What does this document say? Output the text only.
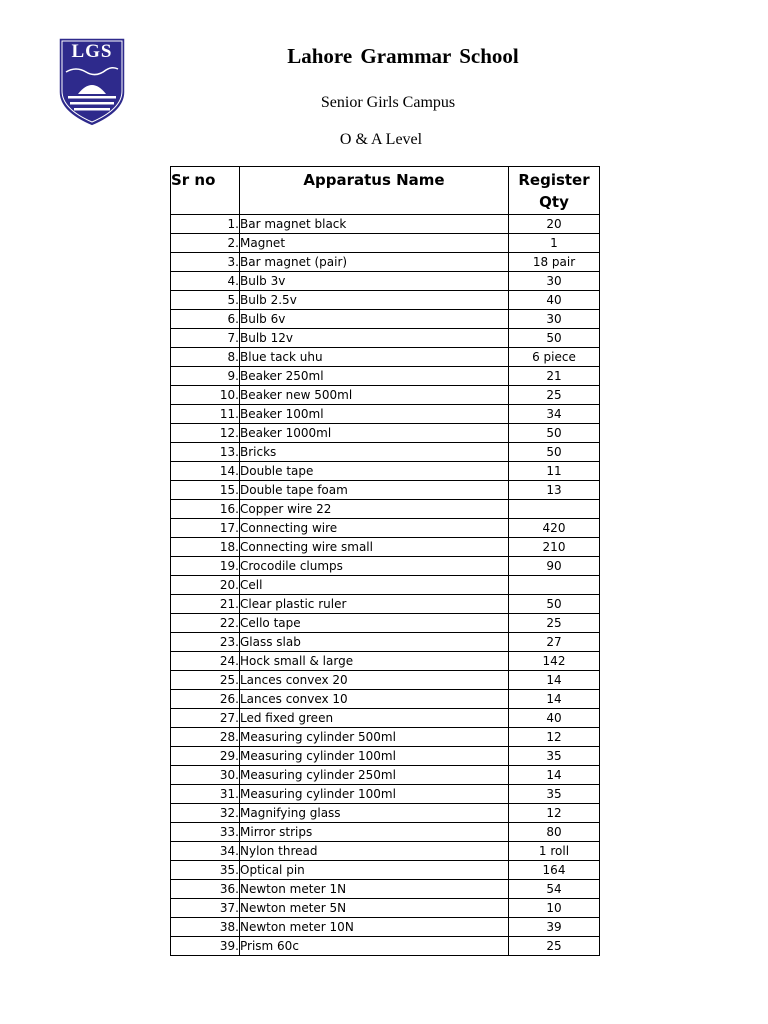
LGS	Lahore Grammar School
Senior Girls Campus
O & A Level
Sr no	Apparatus Name	Register Qty
1.	Bar magnet black	20
2.	Magnet	1
3.	Bar magnet (pair)	18 pair
4.	Bulb 3v	30
5.	Bulb 2.5v	40
6.	Bulb 6v	30
7.	Bulb 12v	50
8.	Blue tack uhu	6 piece
9.	Beaker 250ml	21
10.	Beaker new 500ml	25
11.	Beaker 100ml	34
12.	Beaker 1000ml	50
13.	Bricks	50
14.	Double tape	11
15.	Double tape foam	13
16.	Copper wire 22	
17.	Connecting wire	420
18.	Connecting wire small	210
19.	Crocodile clumps	90
20.	Cell	
21.	Clear plastic ruler	50
22.	Cello tape	25
23.	Glass slab	27
24.	Hock small & large	142
25.	Lances convex 20	14
26.	Lances convex 10	14
27.	Led fixed green	40
28.	Measuring cylinder 500ml	12
29.	Measuring cylinder 100ml	35
30.	Measuring cylinder 250ml	14
31.	Measuring cylinder 100ml	35
32.	Magnifying glass	12
33.	Mirror strips	80
34.	Nylon thread	1 roll
35.	Optical pin	164
36.	Newton meter 1N	54
37.	Newton meter 5N	10
38.	Newton meter 10N	39
39.	Prism 60c	25
